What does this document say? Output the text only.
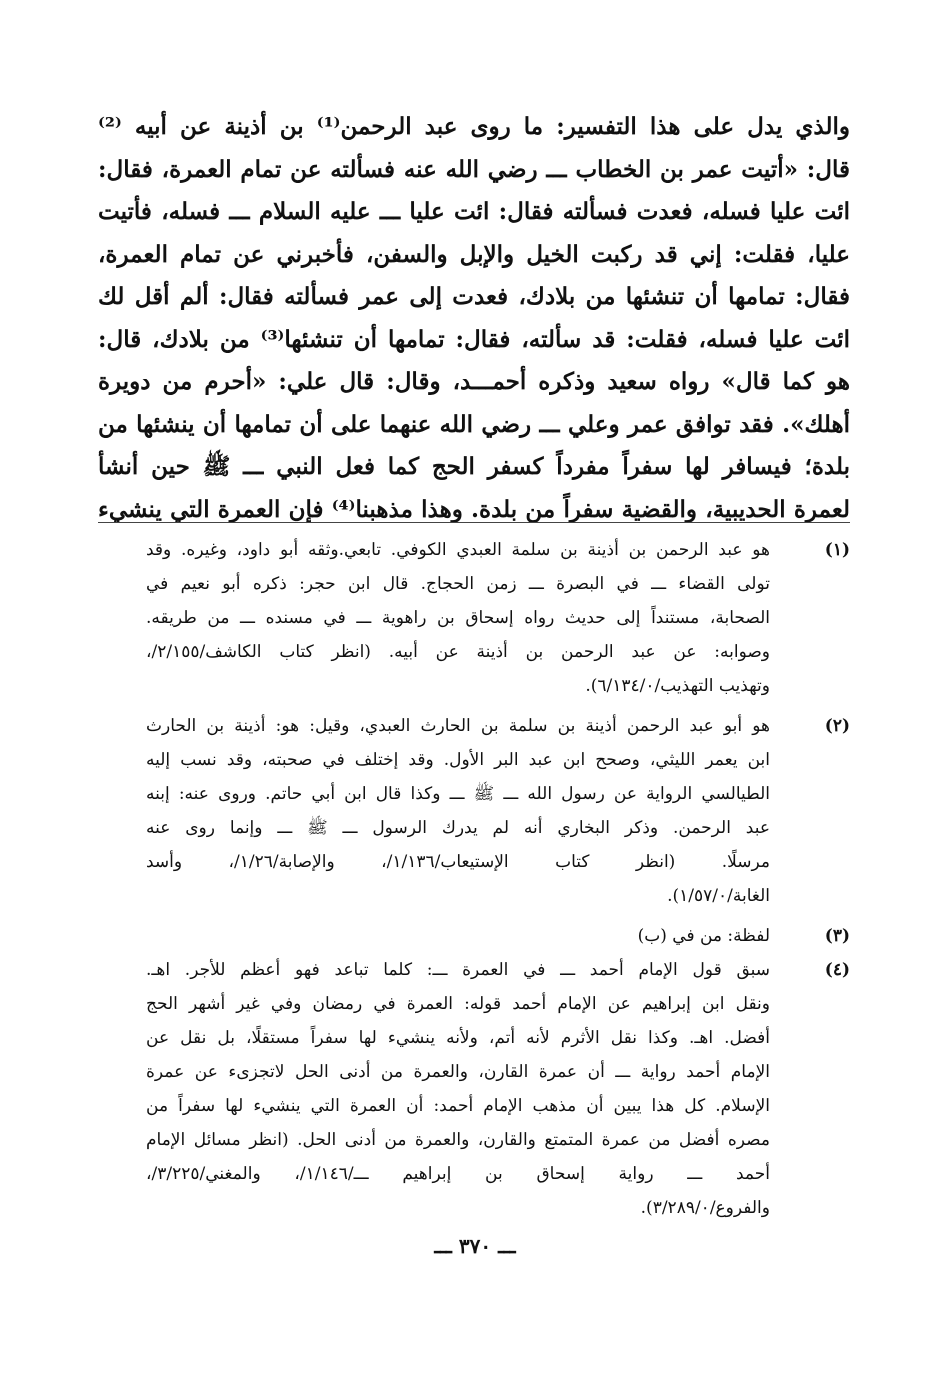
والذي يدل على هذا التفسير: ما روى عبد الرحمن⁽¹⁾ بن أذينة عن أبيه ⁽²⁾
قال: «أتيت عمر بن الخطاب ـــ رضي الله عنه فسألته عن تمام العمرة، فقال:
ائت عليا فسله، فعدت فسألته فقال: ائت عليا ـــ عليه السلام ـــ فسله، فأتيت
عليا، فقلت: إني قد ركبت الخيل والإبل والسفن، فأخبرني عن تمام العمرة،
فقال: تمامها أن تنشئها من بلادك، فعدت إلى عمر فسألته فقال: ألم أقل لك
ائت عليا فسله، فقلت: قد سألته، فقال: تمامها أن تنشئها⁽³⁾ من بلادك، قال:
هو كما قال» رواه سعيد وذكره أحمـــد، وقال: قال علي: «أحرم من دويرة
أهلك». فقد توافق عمر وعلي ـــ رضي الله عنهما على أن تمامها أن ينشئها من
بلدة؛ فيسافر لها سفراً مفرداً كسفر الحج كما فعل النبي ـــ ﷺ حين أنشأ
لعمرة الحديبية، والقضية سفراً من بلدة. وهذا مذهبنا⁽⁴⁾ فإن العمرة التي ينشيء
(١)
هو عبد الرحمن بن أذينة بن سلمة العبدي الكوفي. تابعي.وثقه أبو داود، وغيره. وقد
تولى القضاء ـــ في البصرة ـــ زمن الحجاج. قال ابن حجر: ذكره أبو نعيم في
الصحابة، مستنداً إلى حديث رواه إسحاق بن راهوية ـــ في مسنده ـــ من طريقه.
وصوابه: عن عبد الرحمن بن أذينة عن أبيه. (انظر كتاب الكاشف/٢/١٥٥/،
وتهذيب التهذيب/٦/١٣٤/٠).
(٢)
هو أبو عبد الرحمن أذينة بن سلمة بن الحارث العبدي، وقيل: هو: أذينة بن الحارث
ابن يعمر الليثي، وصحح ابن عبد البر الأول. وقد إختلف في صحبته، وقد نسب إليه
الطيالسي الرواية عن رسول الله ـــ ﷺ ـــ وكذا قال ابن أبي حاتم. وروى عنه: إبنه
عبد الرحمن. وذكر البخاري أنه لم يدرك الرسول ـــ ﷺ ـــ وإنما روى عنه
مرسلًا. (انظر كتاب الإستيعاب/١/١٣٦/، والإصابة/١/٢٦/، وأسد
الغابة/١/٥٧/٠).
(٣)
لفظة: من في (ب)
(٤)
سبق قول الإمام أحمد ـــ في العمرة ـــ: كلما تباعد فهو أعظم للأجر. اهـ.
ونقل ابن إبراهيم عن الإمام أحمد قوله: العمرة في رمضان وفي غير أشهر الحج
أفضل. اهـ. وكذا نقل الأثرم لأنه أتم، ولأنه ينشيء لها سفراً مستقلًا، بل نقل عن
الإمام أحمد رواية ـــ أن عمرة القارن، والعمرة من أدنى الحل لاتجزىء عن عمرة
الإسلام. كل هذا يبين أن مذهب الإمام أحمد: أن العمرة التي ينشيء لها سفراً من
مصره أفضل من عمرة المتمتع والقارن، والعمرة من أدنى الحل. (انظر مسائل الإمام
أحمد ـــ رواية إسحاق بن إبراهيم ـــ/١/١٤٦/، والمغني/٣/٢٢٥/،
والفروع/٣/٢٨٩/٠).
ـــ ٣٧٠ ـــ
